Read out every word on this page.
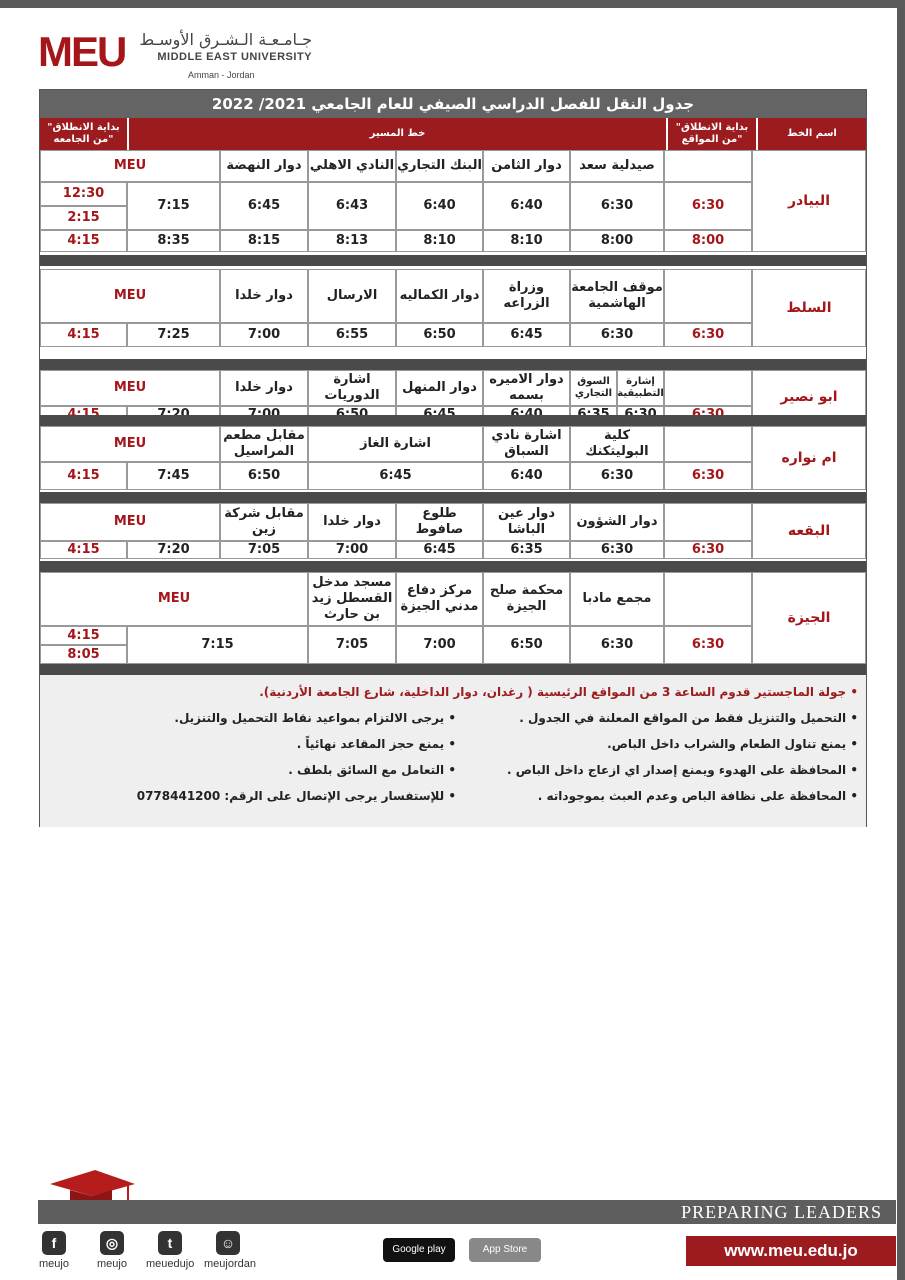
MEU جـامـعـة الـشـرق الأوسـط
MIDDLE EAST UNIVERSITY
Amman - Jordan
جدول النقل للفصل الدراسي الصيفي للعام الجامعي 2021/ 2022
اسم الخط
"بداية الانطلاق من المواقع"
خط المسير
"بداية الانطلاق من الجامعه"
• جولة الماجستير قدوم الساعة 3 من المواقع الرئيسية ( رغدان، دوار الداخلية، شارع الجامعة الأردنية).
• التحميل والتنزيل فقط من المواقع المعلنة في الجدول .
• يمنع تناول الطعام والشراب داخل الباص.
• المحافظة على الهدوء ويمنع إصدار اي ازعاج داخل الباص .
• المحافظة على نظافة الباص وعدم العبث بموجوداته .
• يرجى الالتزام بمواعيد نقاط التحميل والتنزيل.
• يمنع حجز المقاعد نهائياً .
• التعامل مع السائق بلطف .
• للإستفسار يرجى الإتصال على الرقم: 0778441200
البيادر
صيدلية سعد
دوار الثامن
البنك التجاري
النادي الاهلي
دوار النهضة
MEU
6:30
6:30
6:40
6:40
6:43
6:45
7:15
12:30
2:15
8:00
8:00
8:10
8:10
8:13
8:15
8:35
4:15
السلط
موقف الجامعة الهاشمية
وزراة الزراعه
دوار الكماليه
الارسال
دوار خلدا
MEU
6:30
6:30
6:45
6:50
6:55
7:00
7:25
4:15
ابو نصير
إشارة التطبيقية
السوق التجاري
دوار الاميره بسمه
دوار المنهل
اشارة الدوريات
دوار خلدا
MEU
ام نواره
كلية البوليتكنك
اشارة نادي السباق
اشارة الغاز
مقابل مطعم المراسيل
MEU
6:30
6:30
6:40
6:45
6:50
7:45
4:15
البقعه
دوار الشؤون
دوار عين الباشا
طلوع صافوط
دوار خلدا
مقابل شركة زين
MEU
6:30
6:30
6:35
6:45
7:00
7:05
7:20
4:15
الجيزة
مجمع مادبا
محكمة صلح الجيزة
مركز دفاع مدني الجيزة
مسجد مدخل القسطل زيد بن حارث
MEU
6:30
6:30
6:50
7:00
7:05
7:15
4:15
8:05
PREPARING LEADERS
f
meujo
◎
meujo
t
meuedujo
☺
meujordan
Google play	App Store	www.meu.edu.jo
